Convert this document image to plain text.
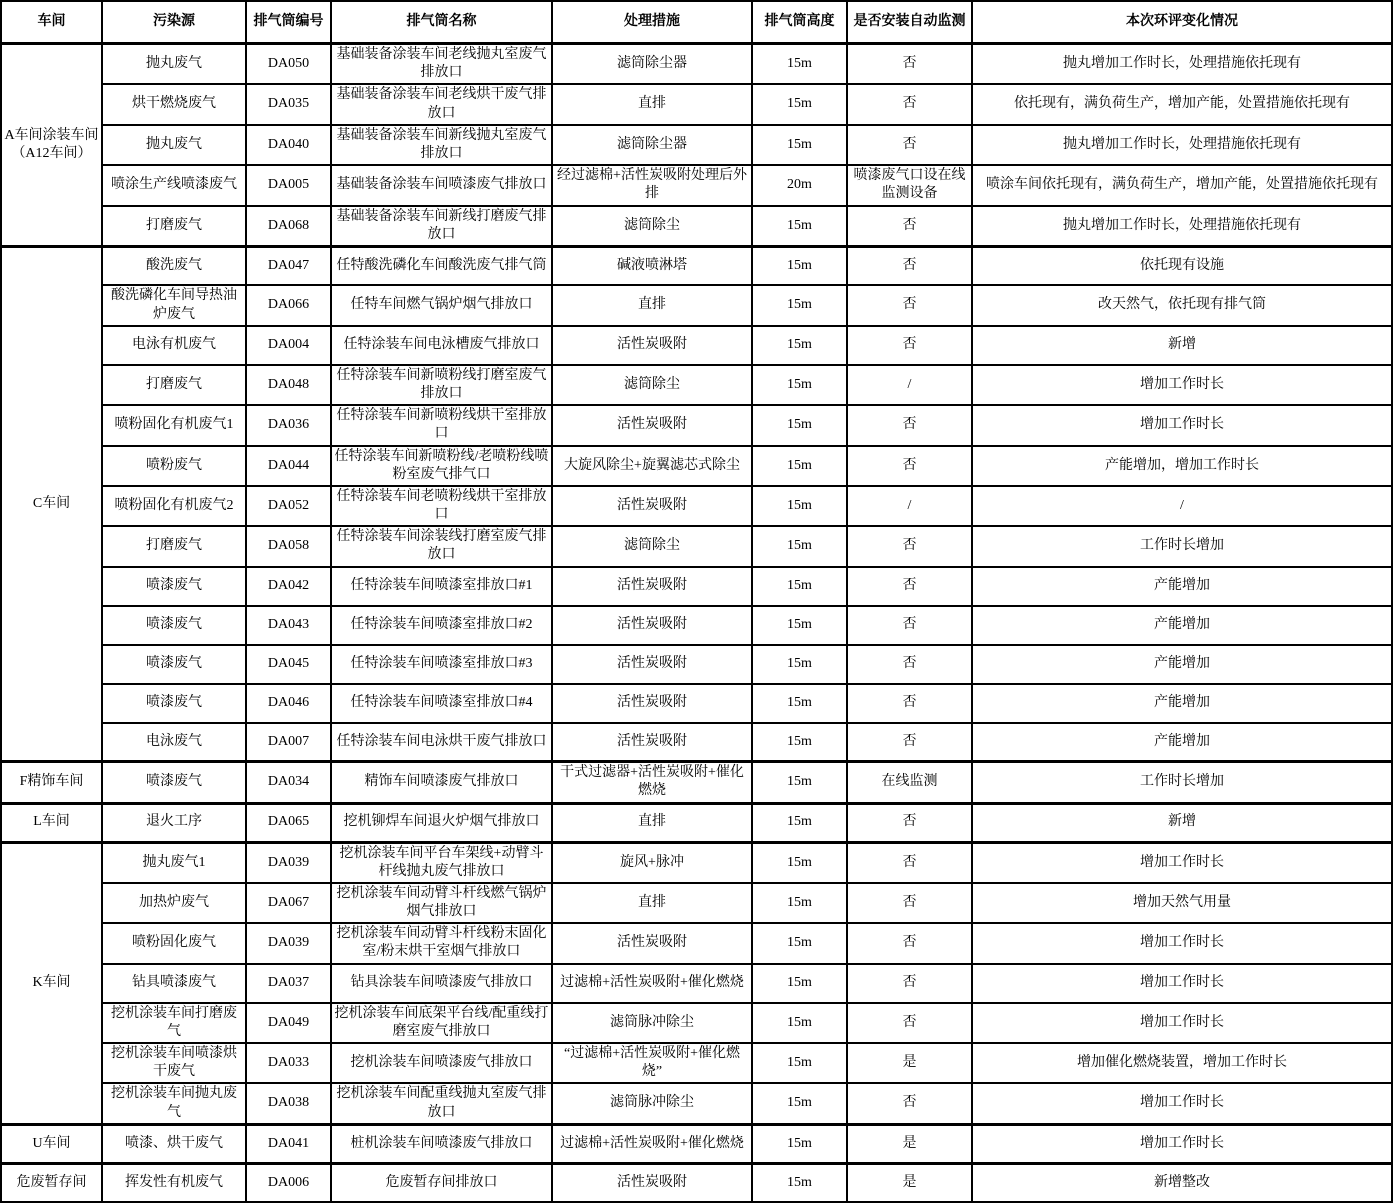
车间	污染源	排气筒编号	排气筒名称	处理措施	排气筒高度	是否安装自动监测	本次环评变化情况
A车间涂装车间（A12车间）	抛丸废气	DA050	基础装备涂装车间老线抛丸室废气排放口	滤筒除尘器	15m	否	抛丸增加工作时长，处理措施依托现有
	烘干燃烧废气	DA035	基础装备涂装车间老线烘干废气排放口	直排	15m	否	依托现有，满负荷生产，增加产能，处置措施依托现有
	抛丸废气	DA040	基础装备涂装车间新线抛丸室废气排放口	滤筒除尘器	15m	否	抛丸增加工作时长，处理措施依托现有
	喷涂生产线喷漆废气	DA005	基础装备涂装车间喷漆废气排放口	经过滤棉+活性炭吸附处理后外排	20m	喷漆废气口设在线监测设备	喷涂车间依托现有，满负荷生产，增加产能，处置措施依托现有
	打磨废气	DA068	基础装备涂装车间新线打磨废气排放口	滤筒除尘	15m	否	抛丸增加工作时长，处理措施依托现有
C车间	酸洗废气	DA047	任特酸洗磷化车间酸洗废气排气筒	碱液喷淋塔	15m	否	依托现有设施
	酸洗磷化车间导热油炉废气	DA066	任特车间燃气锅炉烟气排放口	直排	15m	否	改天然气，依托现有排气筒
	电泳有机废气	DA004	任特涂装车间电泳槽废气排放口	活性炭吸附	15m	否	新增
	打磨废气	DA048	任特涂装车间新喷粉线打磨室废气排放口	滤筒除尘	15m	/	增加工作时长
	喷粉固化有机废气1	DA036	任特涂装车间新喷粉线烘干室排放口	活性炭吸附	15m	否	增加工作时长
	喷粉废气	DA044	任特涂装车间新喷粉线/老喷粉线喷粉室废气排气口	大旋风除尘+旋翼滤芯式除尘	15m	否	产能增加，增加工作时长
	喷粉固化有机废气2	DA052	任特涂装车间老喷粉线烘干室排放口	活性炭吸附	15m	/	/
	打磨废气	DA058	任特涂装车间涂装线打磨室废气排放口	滤筒除尘	15m	否	工作时长增加
	喷漆废气	DA042	任特涂装车间喷漆室排放口#1	活性炭吸附	15m	否	产能增加
	喷漆废气	DA043	任特涂装车间喷漆室排放口#2	活性炭吸附	15m	否	产能增加
	喷漆废气	DA045	任特涂装车间喷漆室排放口#3	活性炭吸附	15m	否	产能增加
	喷漆废气	DA046	任特涂装车间喷漆室排放口#4	活性炭吸附	15m	否	产能增加
	电泳废气	DA007	任特涂装车间电泳烘干废气排放口	活性炭吸附	15m	否	产能增加
F精饰车间	喷漆废气	DA034	精饰车间喷漆废气排放口	干式过滤器+活性炭吸附+催化燃烧	15m	在线监测	工作时长增加
L车间	退火工序	DA065	挖机铆焊车间退火炉烟气排放口	直排	15m	否	新增
K车间	抛丸废气1	DA039	挖机涂装车间平台车架线+动臂斗杆线抛丸废气排放口	旋风+脉冲	15m	否	增加工作时长
	加热炉废气	DA067	挖机涂装车间动臂斗杆线燃气锅炉烟气排放口	直排	15m	否	增加天然气用量
	喷粉固化废气	DA039	挖机涂装车间动臂斗杆线粉末固化室/粉末烘干室烟气排放口	活性炭吸附	15m	否	增加工作时长
	钻具喷漆废气	DA037	钻具涂装车间喷漆废气排放口	过滤棉+活性炭吸附+催化燃烧	15m	否	增加工作时长
	挖机涂装车间打磨废气	DA049	挖机涂装车间底架平台线/配重线打磨室废气排放口	滤筒脉冲除尘	15m	否	增加工作时长
	挖机涂装车间喷漆烘干废气	DA033	挖机涂装车间喷漆废气排放口	“过滤棉+活性炭吸附+催化燃烧”	15m	是	增加催化燃烧装置，增加工作时长
	挖机涂装车间抛丸废气	DA038	挖机涂装车间配重线抛丸室废气排放口	滤筒脉冲除尘	15m	否	增加工作时长
U车间	喷漆、烘干废气	DA041	桩机涂装车间喷漆废气排放口	过滤棉+活性炭吸附+催化燃烧	15m	是	增加工作时长
危废暂存间	挥发性有机废气	DA006	危废暂存间排放口	活性炭吸附	15m	是	新增整改
